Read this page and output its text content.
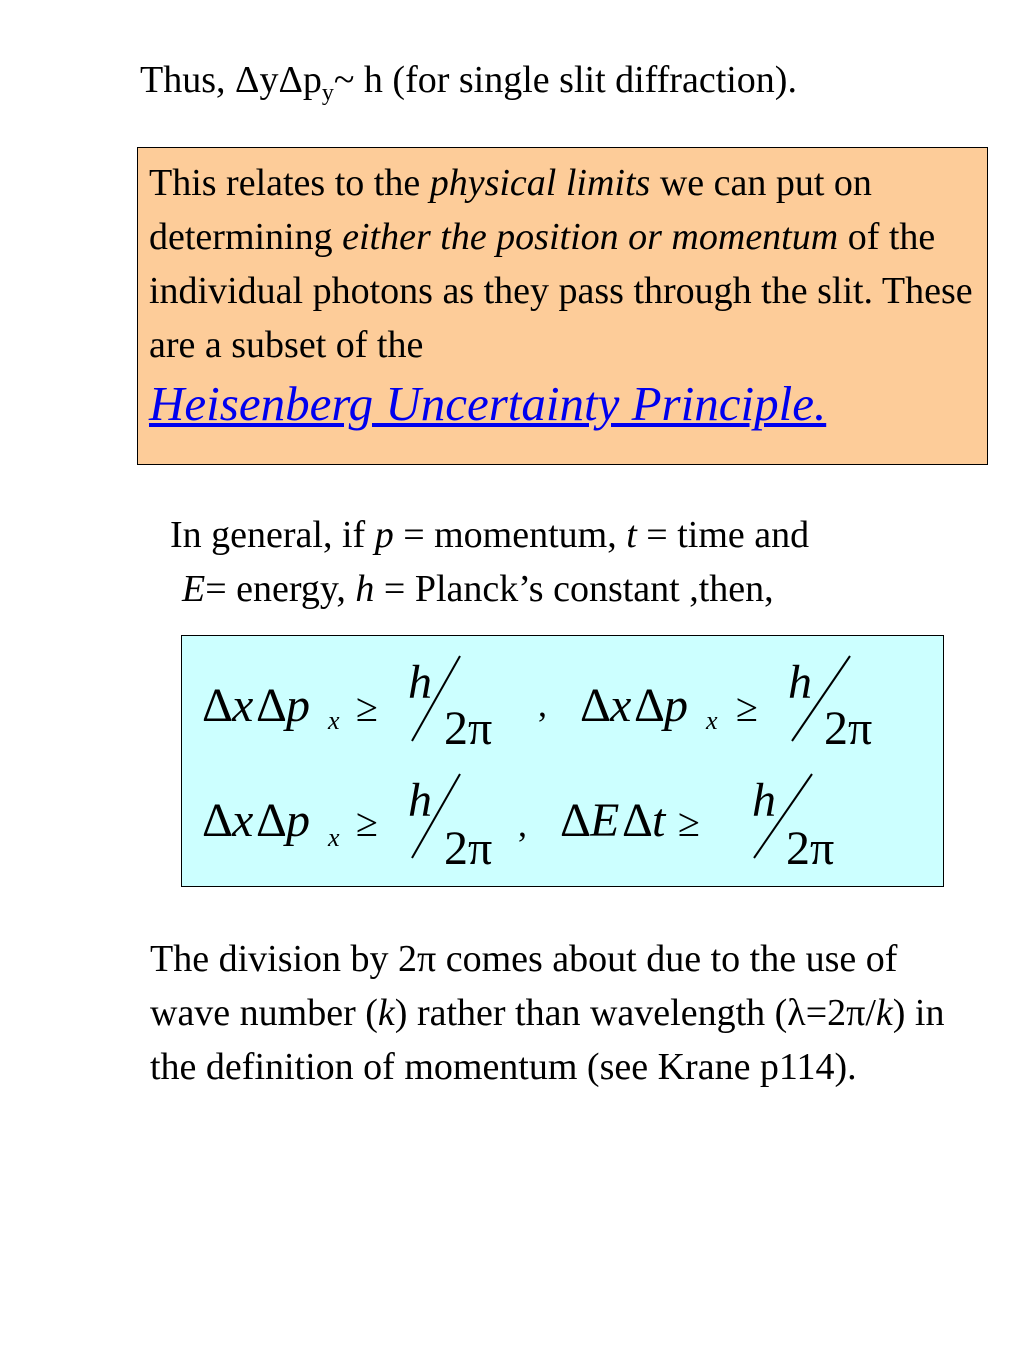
Thus, ΔyΔp$_y$~ h (for single slit diffraction).
This relates to the physical limits we can put on determining either the position or momentum of the individual photons as they pass through the slit. These are a subset of the
Heisenberg Uncertainty Principle.
In general, if p = momentum, t = time and
E= energy, h = Planck’s constant ,then,
Δ x Δ p x ≥ h
2π , Δ x Δ p x ≥ h
2π
Δ x Δ p x ≥ h
2π , Δ E Δ t ≥ h
2π
The division by 2π comes about due to the use of wave number (k) rather than wavelength (λ=2π/k) in the definition of momentum (see Krane p114).
